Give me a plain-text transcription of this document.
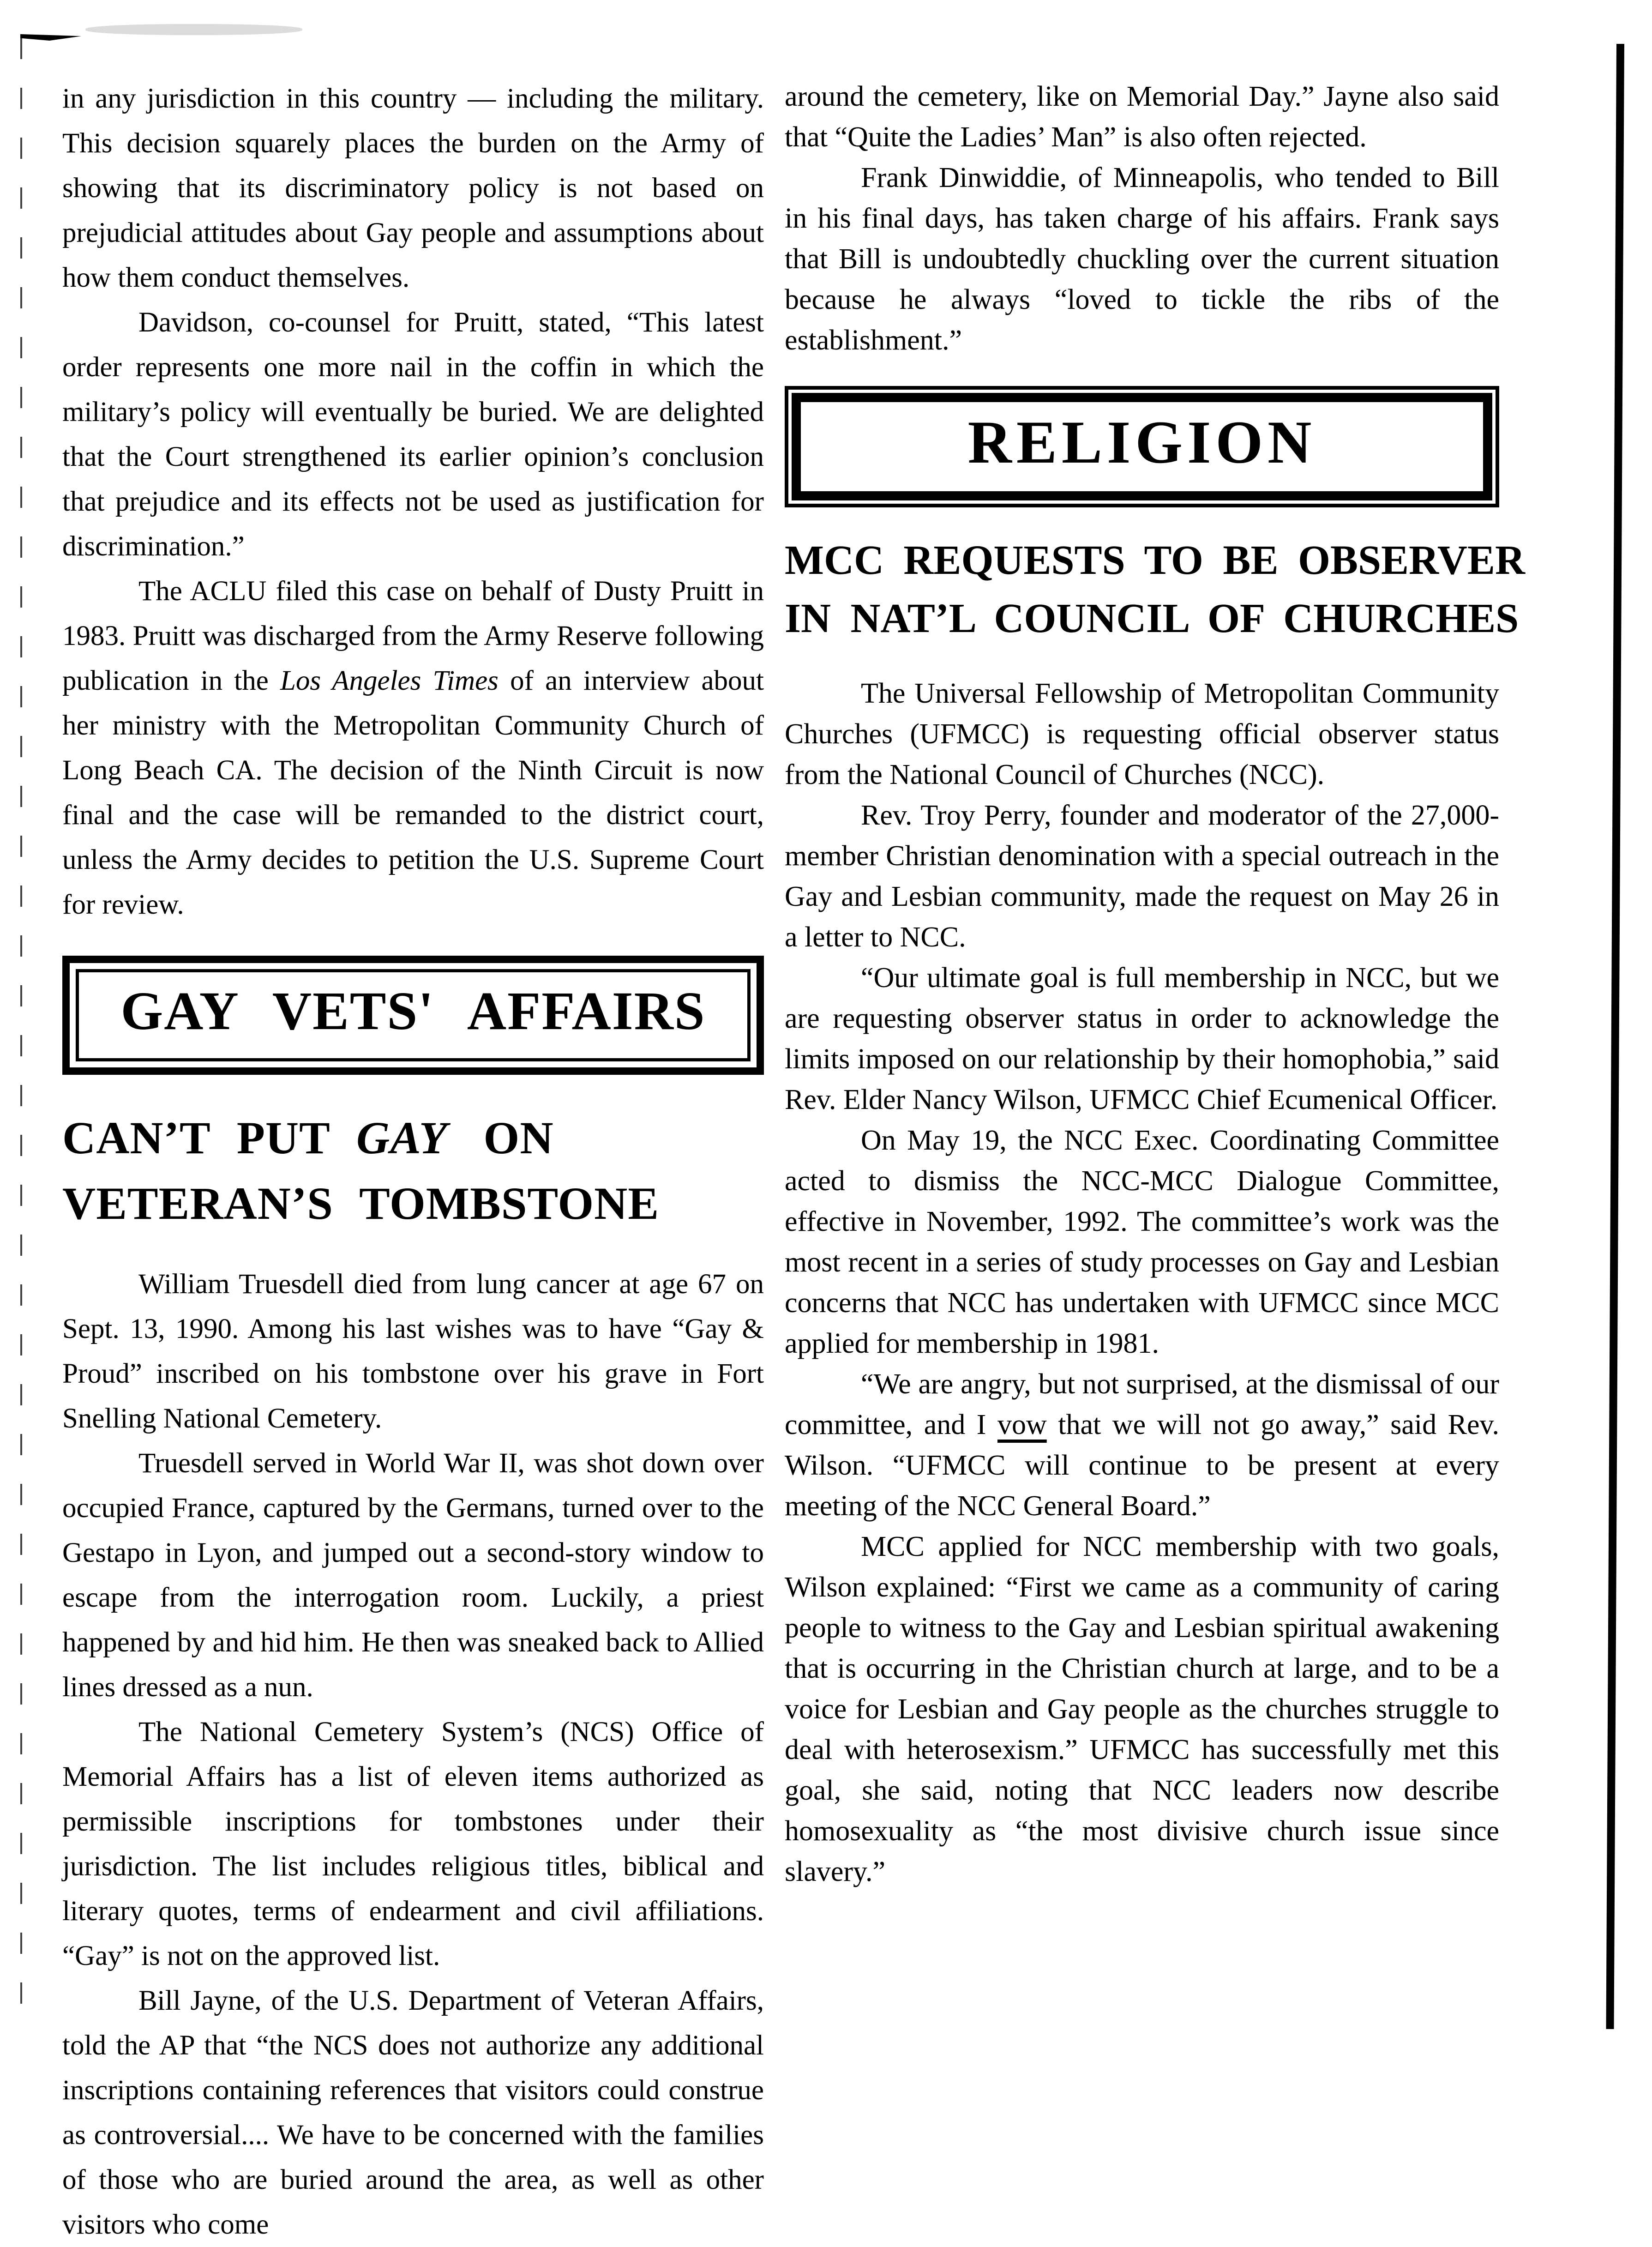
in any jurisdiction in this country — including the military. This decision squarely places the burden on the Army of showing that its discriminatory policy is not based on prejudicial attitudes about Gay people and assumptions about how them conduct themselves.

Davidson, co-counsel for Pruitt, stated, “This latest order represents one more nail in the coffin in which the military’s policy will eventually be buried. We are delighted that the Court strengthened its earlier opinion’s conclusion that prejudice and its effects not be used as justification for discrimination.”

The ACLU filed this case on behalf of Dusty Pruitt in 1983. Pruitt was discharged from the Army Reserve following publication in the Los Angeles Times of an interview about her ministry with the Metropolitan Community Church of Long Beach CA. The decision of the Ninth Circuit is now final and the case will be remanded to the district court, unless the Army decides to petition the U.S. Supreme Court for review.

GAY VETS' AFFAIRS
CAN’T PUT GAY ON
VETERAN’S TOMBSTONE

William Truesdell died from lung cancer at age 67 on Sept. 13, 1990. Among his last wishes was to have “Gay & Proud” inscribed on his tombstone over his grave in Fort Snelling National Cemetery.

Truesdell served in World War II, was shot down over occupied France, captured by the Germans, turned over to the Gestapo in Lyon, and jumped out a second-story window to escape from the interrogation room. Luckily, a priest happened by and hid him. He then was sneaked back to Allied lines dressed as a nun.

The National Cemetery System’s (NCS) Office of Memorial Affairs has a list of eleven items authorized as permissible inscriptions for tombstones under their jurisdiction. The list includes religious titles, biblical and literary quotes, terms of endearment and civil affiliations. “Gay” is not on the approved list.

Bill Jayne, of the U.S. Department of Veteran Affairs, told the AP that “the NCS does not authorize any additional inscriptions containing references that visitors could construe as controversial.... We have to be concerned with the families of those who are buried around the area, as well as other visitors who come

around the cemetery, like on Memorial Day.” Jayne also said that “Quite the Ladies’ Man” is also often rejected.

Frank Dinwiddie, of Minneapolis, who tended to Bill in his final days, has taken charge of his affairs. Frank says that Bill is undoubtedly chuckling over the current situation because he always “loved to tickle the ribs of the establishment.”

RELIGION
MCC REQUESTS TO BE OBSERVER
IN NAT’L COUNCIL OF CHURCHES

The Universal Fellowship of Metropolitan Community Churches (UFMCC) is requesting official observer status from the National Council of Churches (NCC).

Rev. Troy Perry, founder and moderator of the 27,000-member Christian denomination with a special outreach in the Gay and Lesbian community, made the request on May 26 in a letter to NCC.

“Our ultimate goal is full membership in NCC, but we are requesting observer status in order to acknowledge the limits imposed on our relationship by their homophobia,” said Rev. Elder Nancy Wilson, UFMCC Chief Ecumenical Officer.

On May 19, the NCC Exec. Coordinating Committee acted to dismiss the NCC-MCC Dialogue Committee, effective in November, 1992. The committee’s work was the most recent in a series of study processes on Gay and Lesbian concerns that NCC has undertaken with UFMCC since MCC applied for membership in 1981.

“We are angry, but not surprised, at the dismissal of our committee, and I vow that we will not go away,” said Rev. Wilson. “UFMCC will continue to be present at every meeting of the NCC General Board.”

MCC applied for NCC membership with two goals, Wilson explained: “First we came as a community of caring people to witness to the Gay and Lesbian spiritual awakening that is occurring in the Christian church at large, and to be a voice for Lesbian and Gay people as the churches struggle to deal with heterosexism.” UFMCC has successfully met this goal, she said, noting that NCC leaders now describe homosexuality as “the most divisive church issue since slavery.”
